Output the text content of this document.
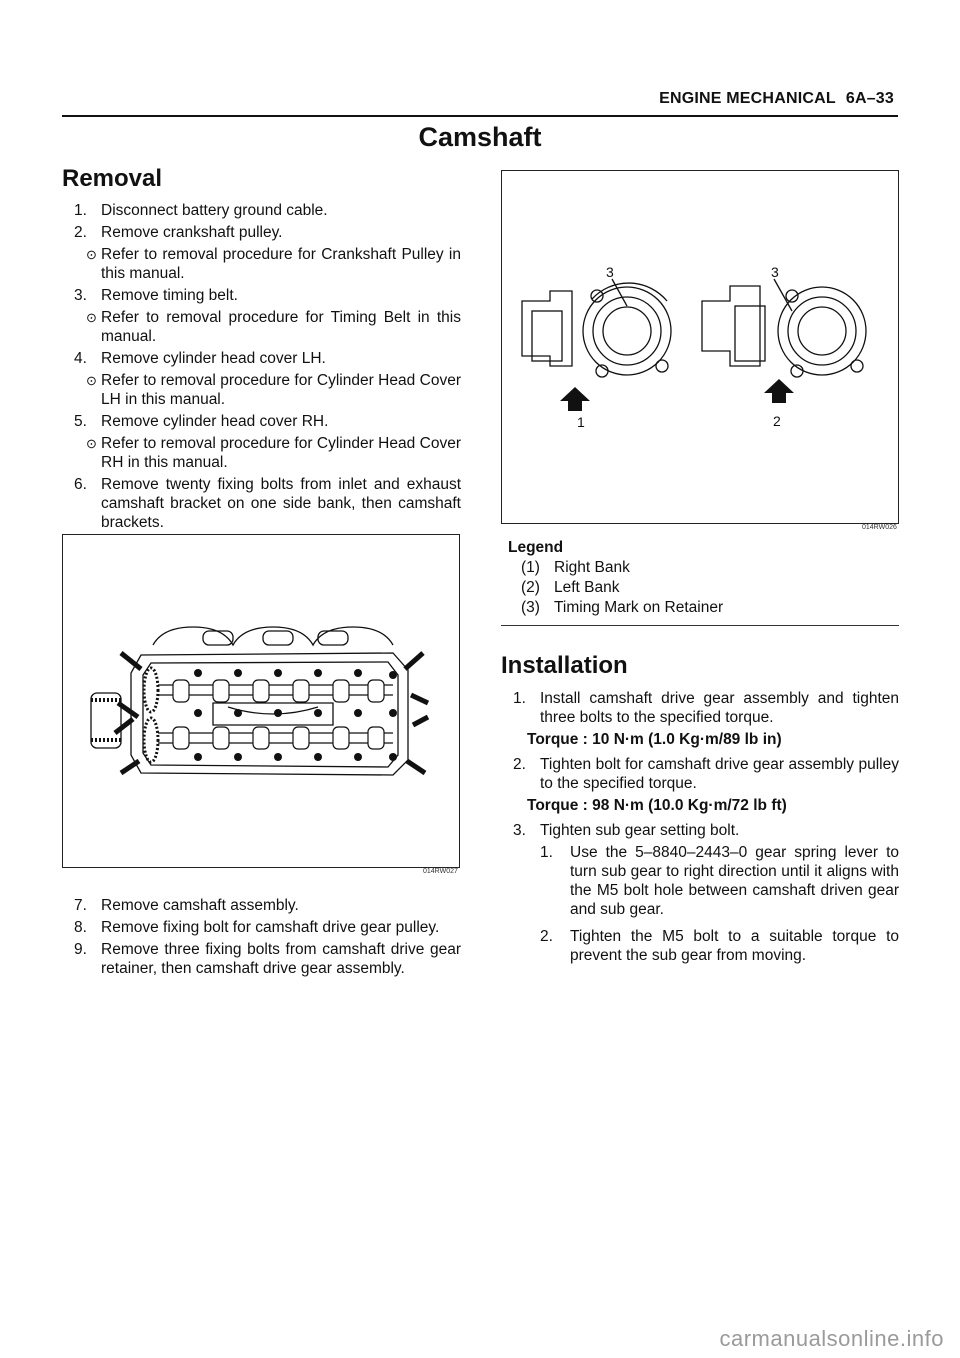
ENGINE MECHANICAL 6A–33
Camshaft
Removal
1. Disconnect battery ground cable.
2. Remove crankshaft pulley.
⊙ Refer to removal procedure for Crankshaft Pulley in this manual.
3. Remove timing belt.
⊙ Refer to removal procedure for Timing Belt in this manual.
4. Remove cylinder head cover LH.
⊙ Refer to removal procedure for Cylinder Head Cover LH in this manual.
5. Remove cylinder head cover RH.
⊙ Refer to removal procedure for Cylinder Head Cover RH in this manual.
6. Remove twenty fixing bolts from inlet and exhaust camshaft bracket on one side bank, then camshaft brackets.
014RW027
7. Remove camshaft assembly.
8. Remove fixing bolt for camshaft drive gear pulley.
9. Remove three fixing bolts from camshaft drive gear retainer, then camshaft drive gear assembly.
3	3
1	2
014RW026
Legend
(1) Right Bank
(2) Left Bank
(3) Timing Mark on Retainer
Installation
1. Install camshaft drive gear assembly and tighten three bolts to the specified torque.
Torque : 10 N·m (1.0 Kg·m/89 lb in)
2. Tighten bolt for camshaft drive gear assembly pulley to the specified torque.
Torque : 98 N·m (10.0 Kg·m/72 lb ft)
3. Tighten sub gear setting bolt.
1. Use the 5–8840–2443–0 gear spring lever to turn sub gear to right direction until it aligns with the M5 bolt hole between camshaft driven gear and sub gear.
2. Tighten the M5 bolt to a suitable torque to prevent the sub gear from moving.
carmanualsonline.info
